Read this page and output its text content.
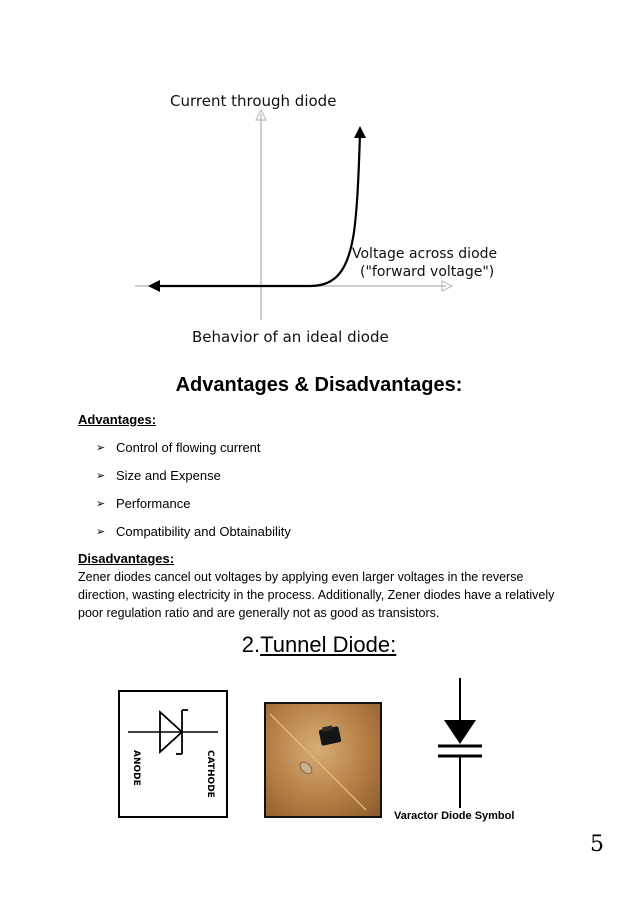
Current through diode
Voltage across diode
("forward voltage")
Behavior of an ideal diode
Advantages & Disadvantages:
Advantages:
➢ Control of flowing current
➢ Size and Expense
➢ Performance
➢ Compatibility and Obtainability
Disadvantages:
Zener diodes cancel out voltages by applying even larger voltages in the reverse direction, wasting electricity in the process. Additionally, Zener diodes have a relatively poor regulation ratio and are generally not as good as transistors.
2.Tunnel Diode:
ANODE	CATHODE
Varactor Diode Symbol
5
